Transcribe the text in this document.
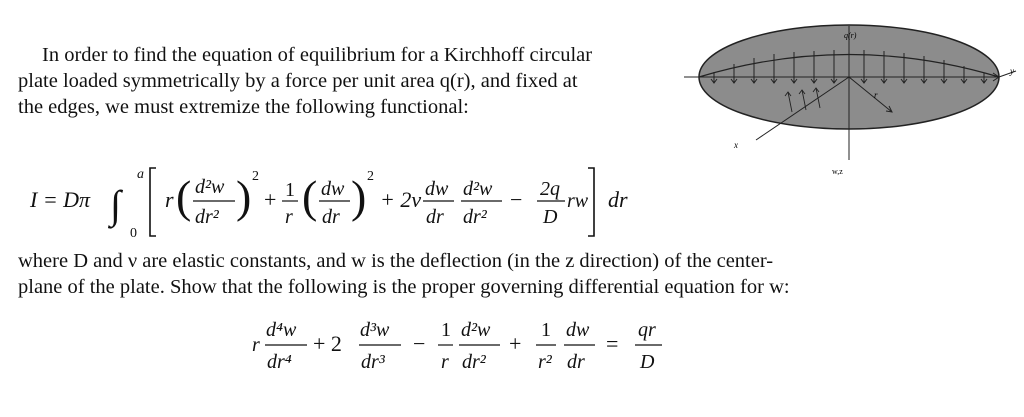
In order to find the equation of equilibrium for a Kirchhoff circular
plate loaded symmetrically by a force per unit area q(r), and fixed at
the edges, we must extremize the following functional:
q(r)
y
x
r
w,z
I = Dπ ∫
a
0
r ( d²w
dr² ) 2
+ 1
r ( dw
dr ) 2
+ 2ν dw
dr
d²w
dr²
− 2q
D
rw dr
where D and ν are elastic constants, and w is the deflection (in the z direction) of the center-
plane of the plate. Show that the following is the proper governing differential equation for w:
r
d⁴w
dr⁴
+ 2
d³w
dr³
−
1
r
d²w
dr²
+
1
r²
dw
dr
=
qr
D
